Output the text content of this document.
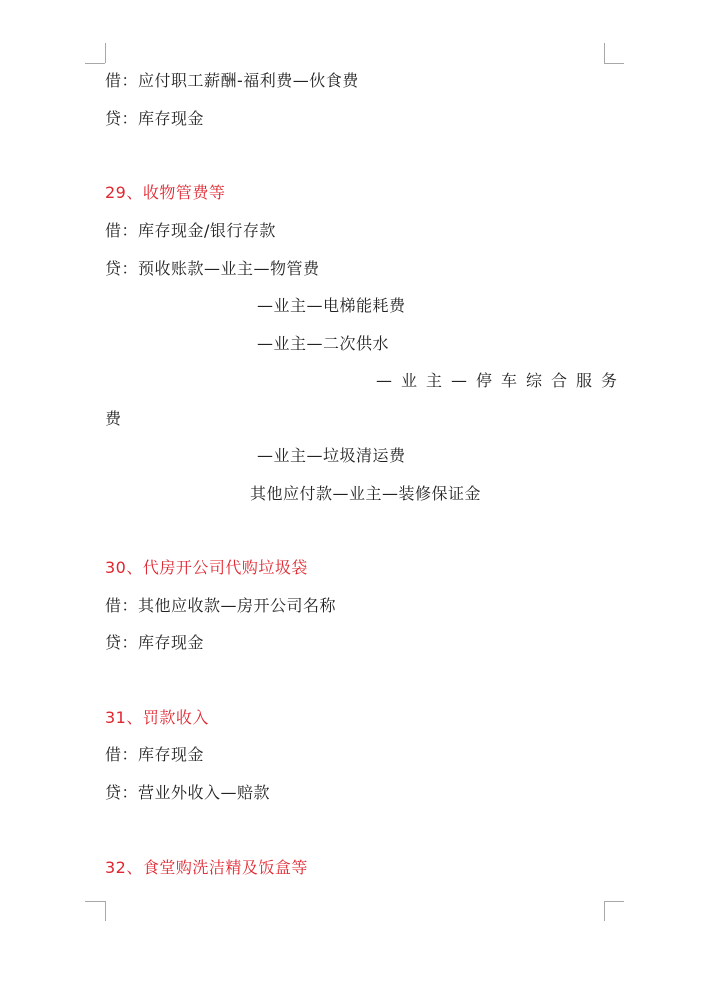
借：应付职工薪酬-福利费—伙食费
贷：库存现金
29、收物管费等
借：库存现金/银行存款
贷：预收账款—业主—物管费
—业主—电梯能耗费
—业主—二次供水
—业主—停车综合服务
费
—业主—垃圾清运费
其他应付款—业主—装修保证金
30、代房开公司代购垃圾袋
借：其他应收款—房开公司名称
贷：库存现金
31、罚款收入
借：库存现金
贷：营业外收入—赔款
32、食堂购洗洁精及饭盒等
